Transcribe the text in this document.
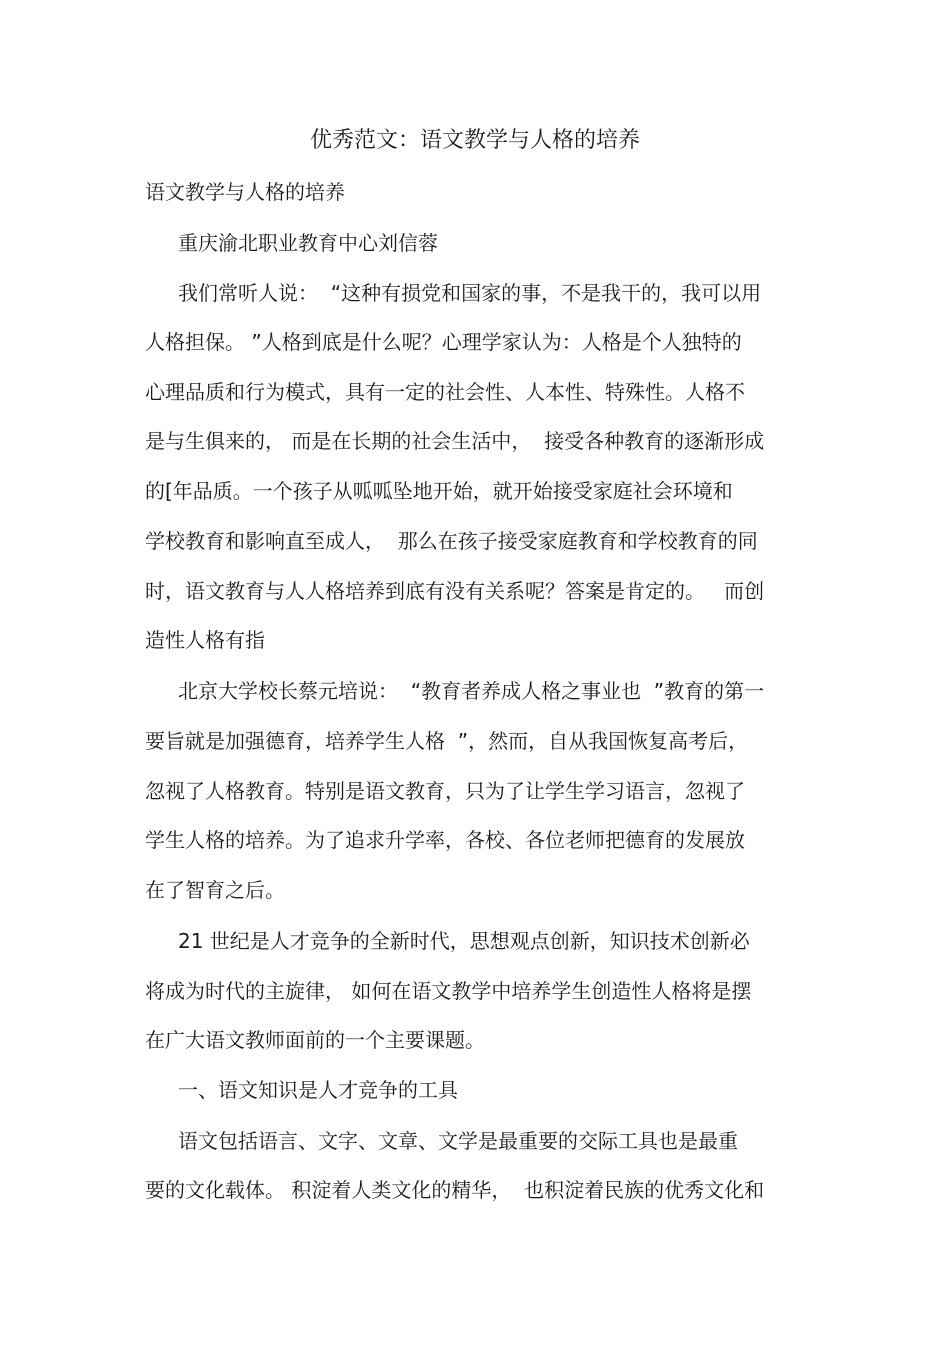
优秀范文：语文教学与人格的培养
语文教学与人格的培养
重庆渝北职业教育中心刘信蓉
我们常听人说：  “这种有损党和国家的事，不是我干的，我可以用
人格担保。 ”人格到底是什么呢？心理学家认为：人格是个人独特的
心理品质和行为模式，具有一定的社会性、人本性、特殊性。人格不
是与生俱来的， 而是在长期的社会生活中，  接受各种教育的逐渐形成
的[年品质。一个孩子从呱呱坠地开始，就开始接受家庭社会环境和
学校教育和影响直至成人，  那么在孩子接受家庭教育和学校教育的同
时，语文教育与人人格培养到底有没有关系呢？答案是肯定的。   而创
造性人格有指
北京大学校长蔡元培说：  “教育者养成人格之事业也  ”教育的第一
要旨就是加强德育，培养学生人格  ”，然而，自从我国恢复高考后，
忽视了人格教育。特别是语文教育，只为了让学生学习语言，忽视了
学生人格的培养。为了追求升学率，各校、各位老师把德育的发展放
在了智育之后。
21 世纪是人才竞争的全新时代，思想观点创新，知识技术创新必
将成为时代的主旋律， 如何在语文教学中培养学生创造性人格将是摆
在广大语文教师面前的一个主要课题。
一、语文知识是人才竞争的工具
语文包括语言、文字、文章、文学是最重要的交际工具也是最重
要的文化载体。 积淀着人类文化的精华，  也积淀着民族的优秀文化和
